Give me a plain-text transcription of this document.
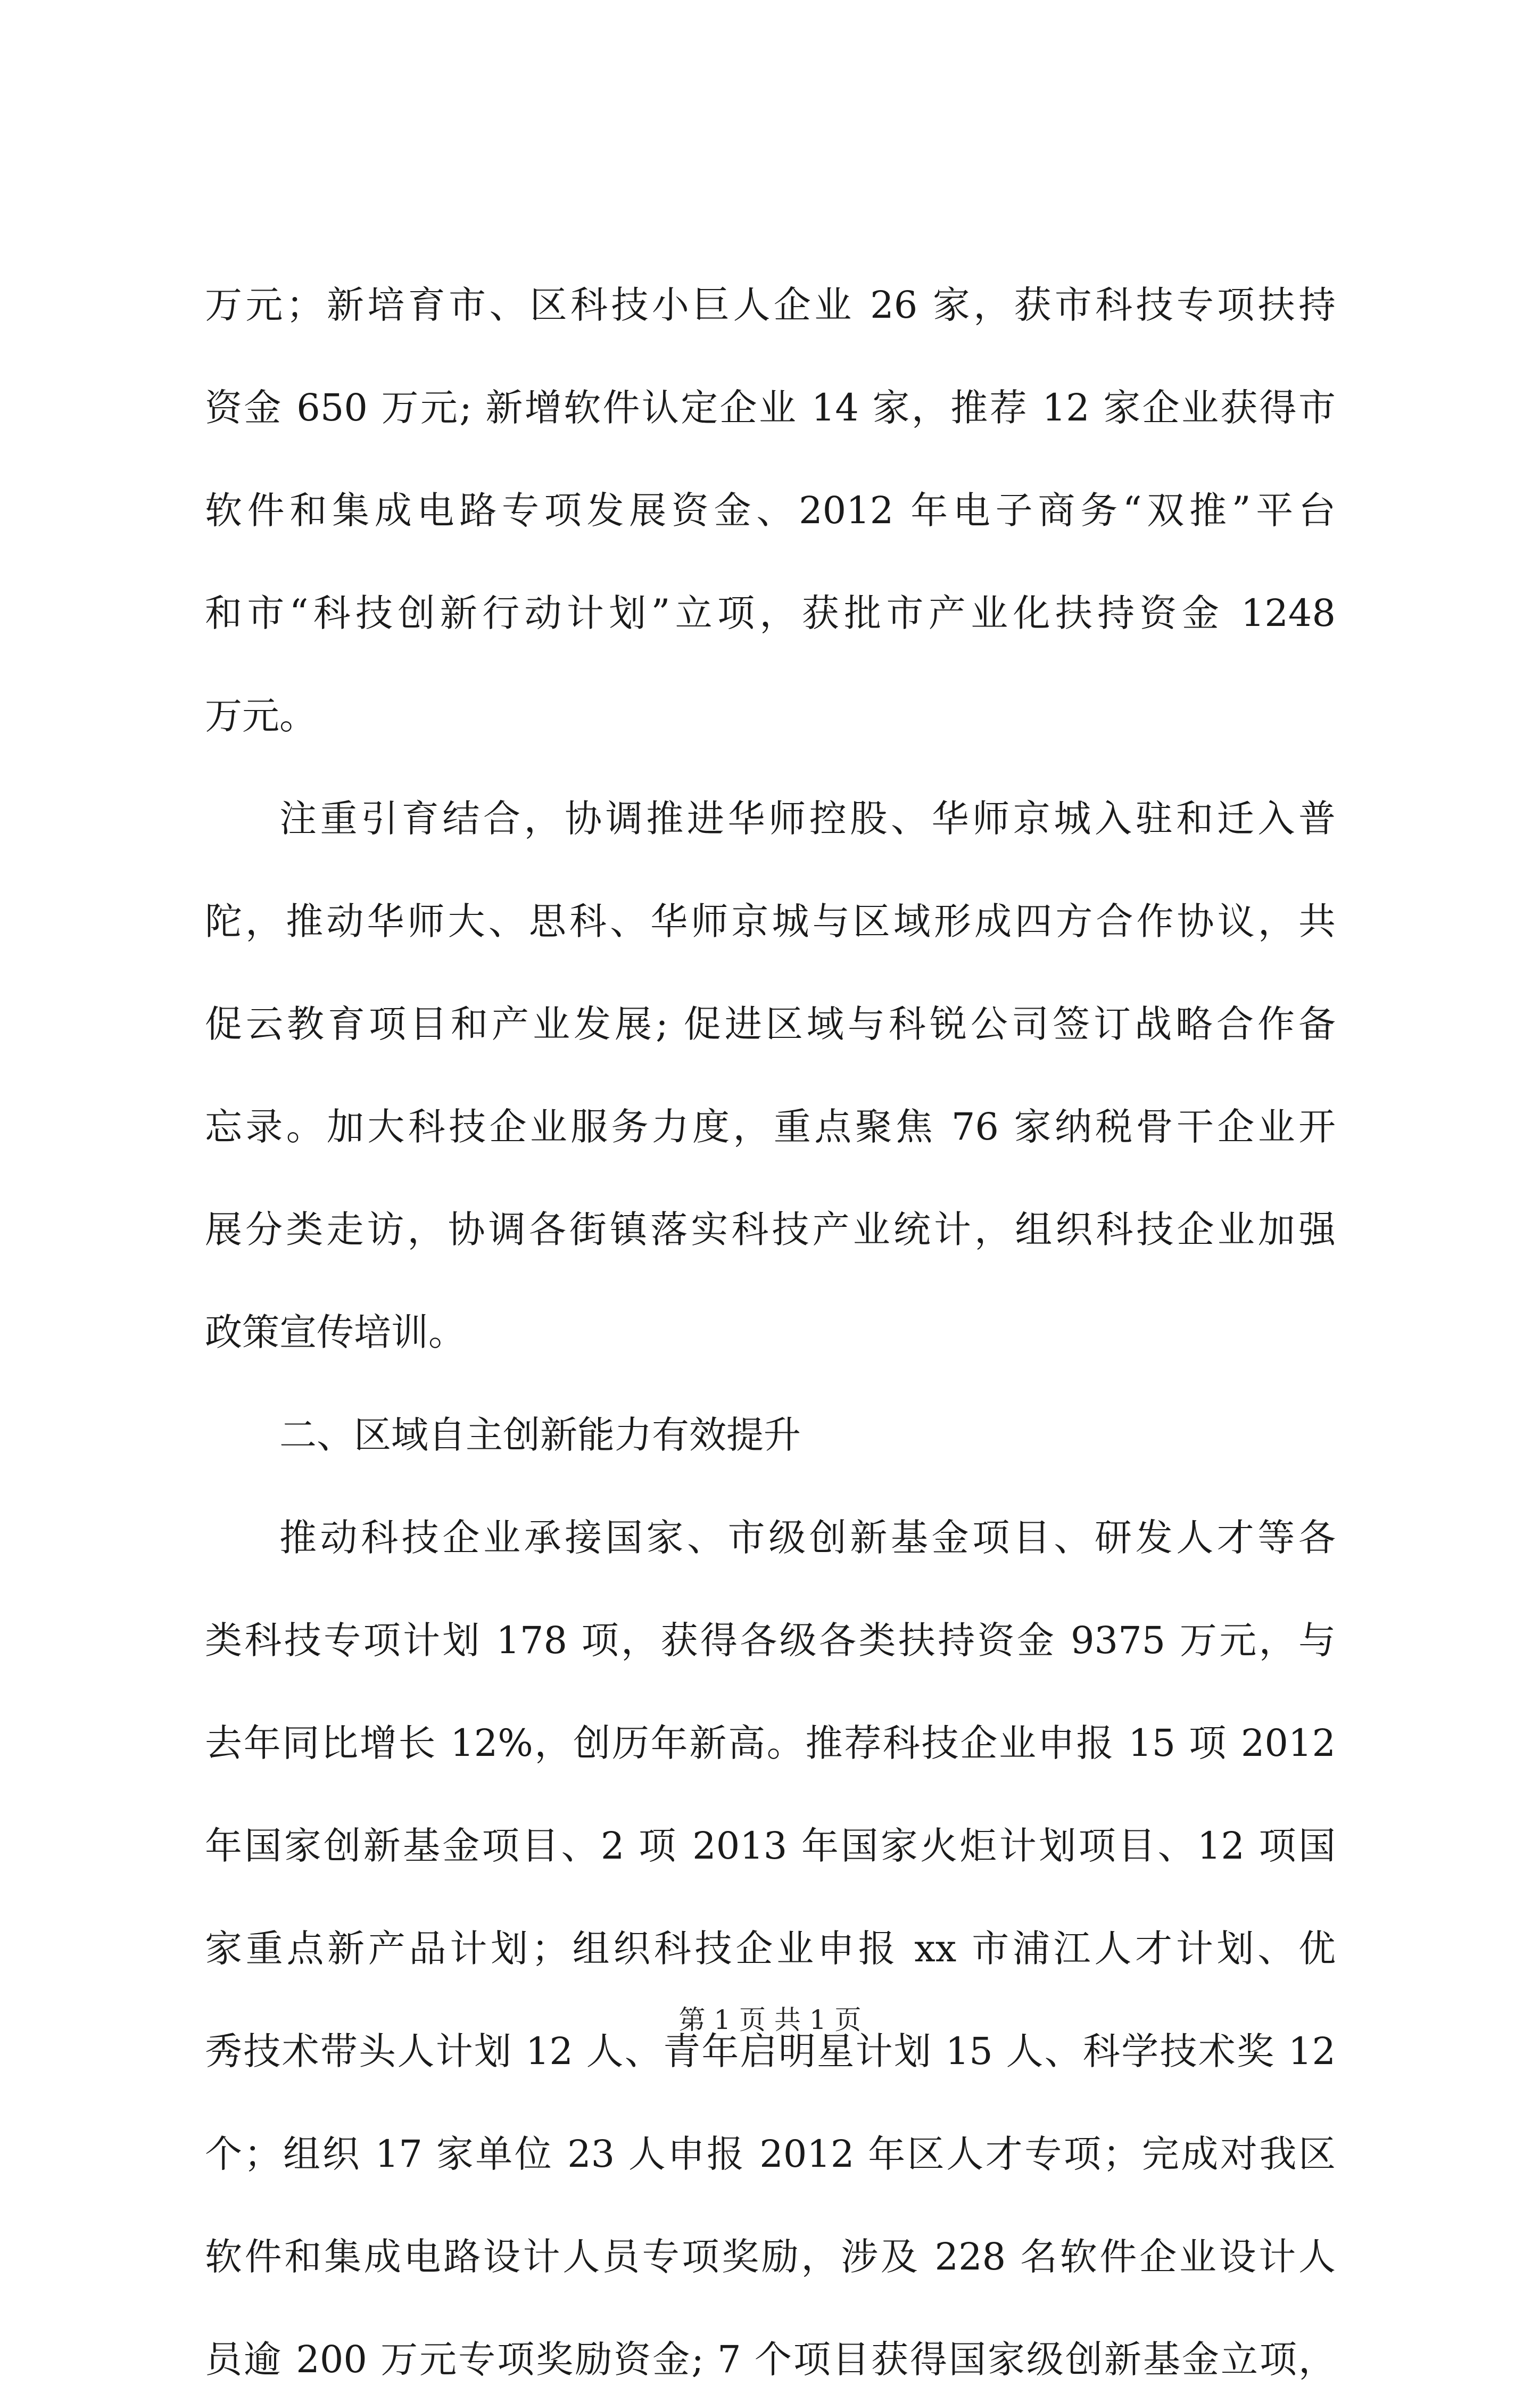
万元；新培育市、区科技小巨人企业 26 家，获市科技专项扶持
资金 650 万元; 新增软件认定企业 14 家，推荐 12 家企业获得市
软件和集成电路专项发展资金、2012 年电子商务“双推”平台
和市“科技创新行动计划”立项，获批市产业化扶持资金 1248
万元。
注重引育结合，协调推进华师控股、华师京城入驻和迁入普
陀，推动华师大、思科、华师京城与区域形成四方合作协议，共
促云教育项目和产业发展; 促进区域与科锐公司签订战略合作备
忘录。加大科技企业服务力度，重点聚焦 76 家纳税骨干企业开
展分类走访，协调各街镇落实科技产业统计，组织科技企业加强
政策宣传培训。
二、区域自主创新能力有效提升
推动科技企业承接国家、市级创新基金项目、研发人才等各
类科技专项计划 178 项，获得各级各类扶持资金 9375 万元，与
去年同比增长 12%，创历年新高。推荐科技企业申报 15 项 2012
年国家创新基金项目、2 项 2013 年国家火炬计划项目、12 项国
家重点新产品计划；组织科技企业申报 xx 市浦江人才计划、优
秀技术带头人计划 12 人、青年启明星计划 15 人、科学技术奖 12
个；组织 17 家单位 23 人申报 2012 年区人才专项；完成对我区
软件和集成电路设计人员专项奖励，涉及 228 名软件企业设计人
员逾 200 万元专项奖励资金; 7 个项目获得国家级创新基金立项，
第 1 页 共 1 页
